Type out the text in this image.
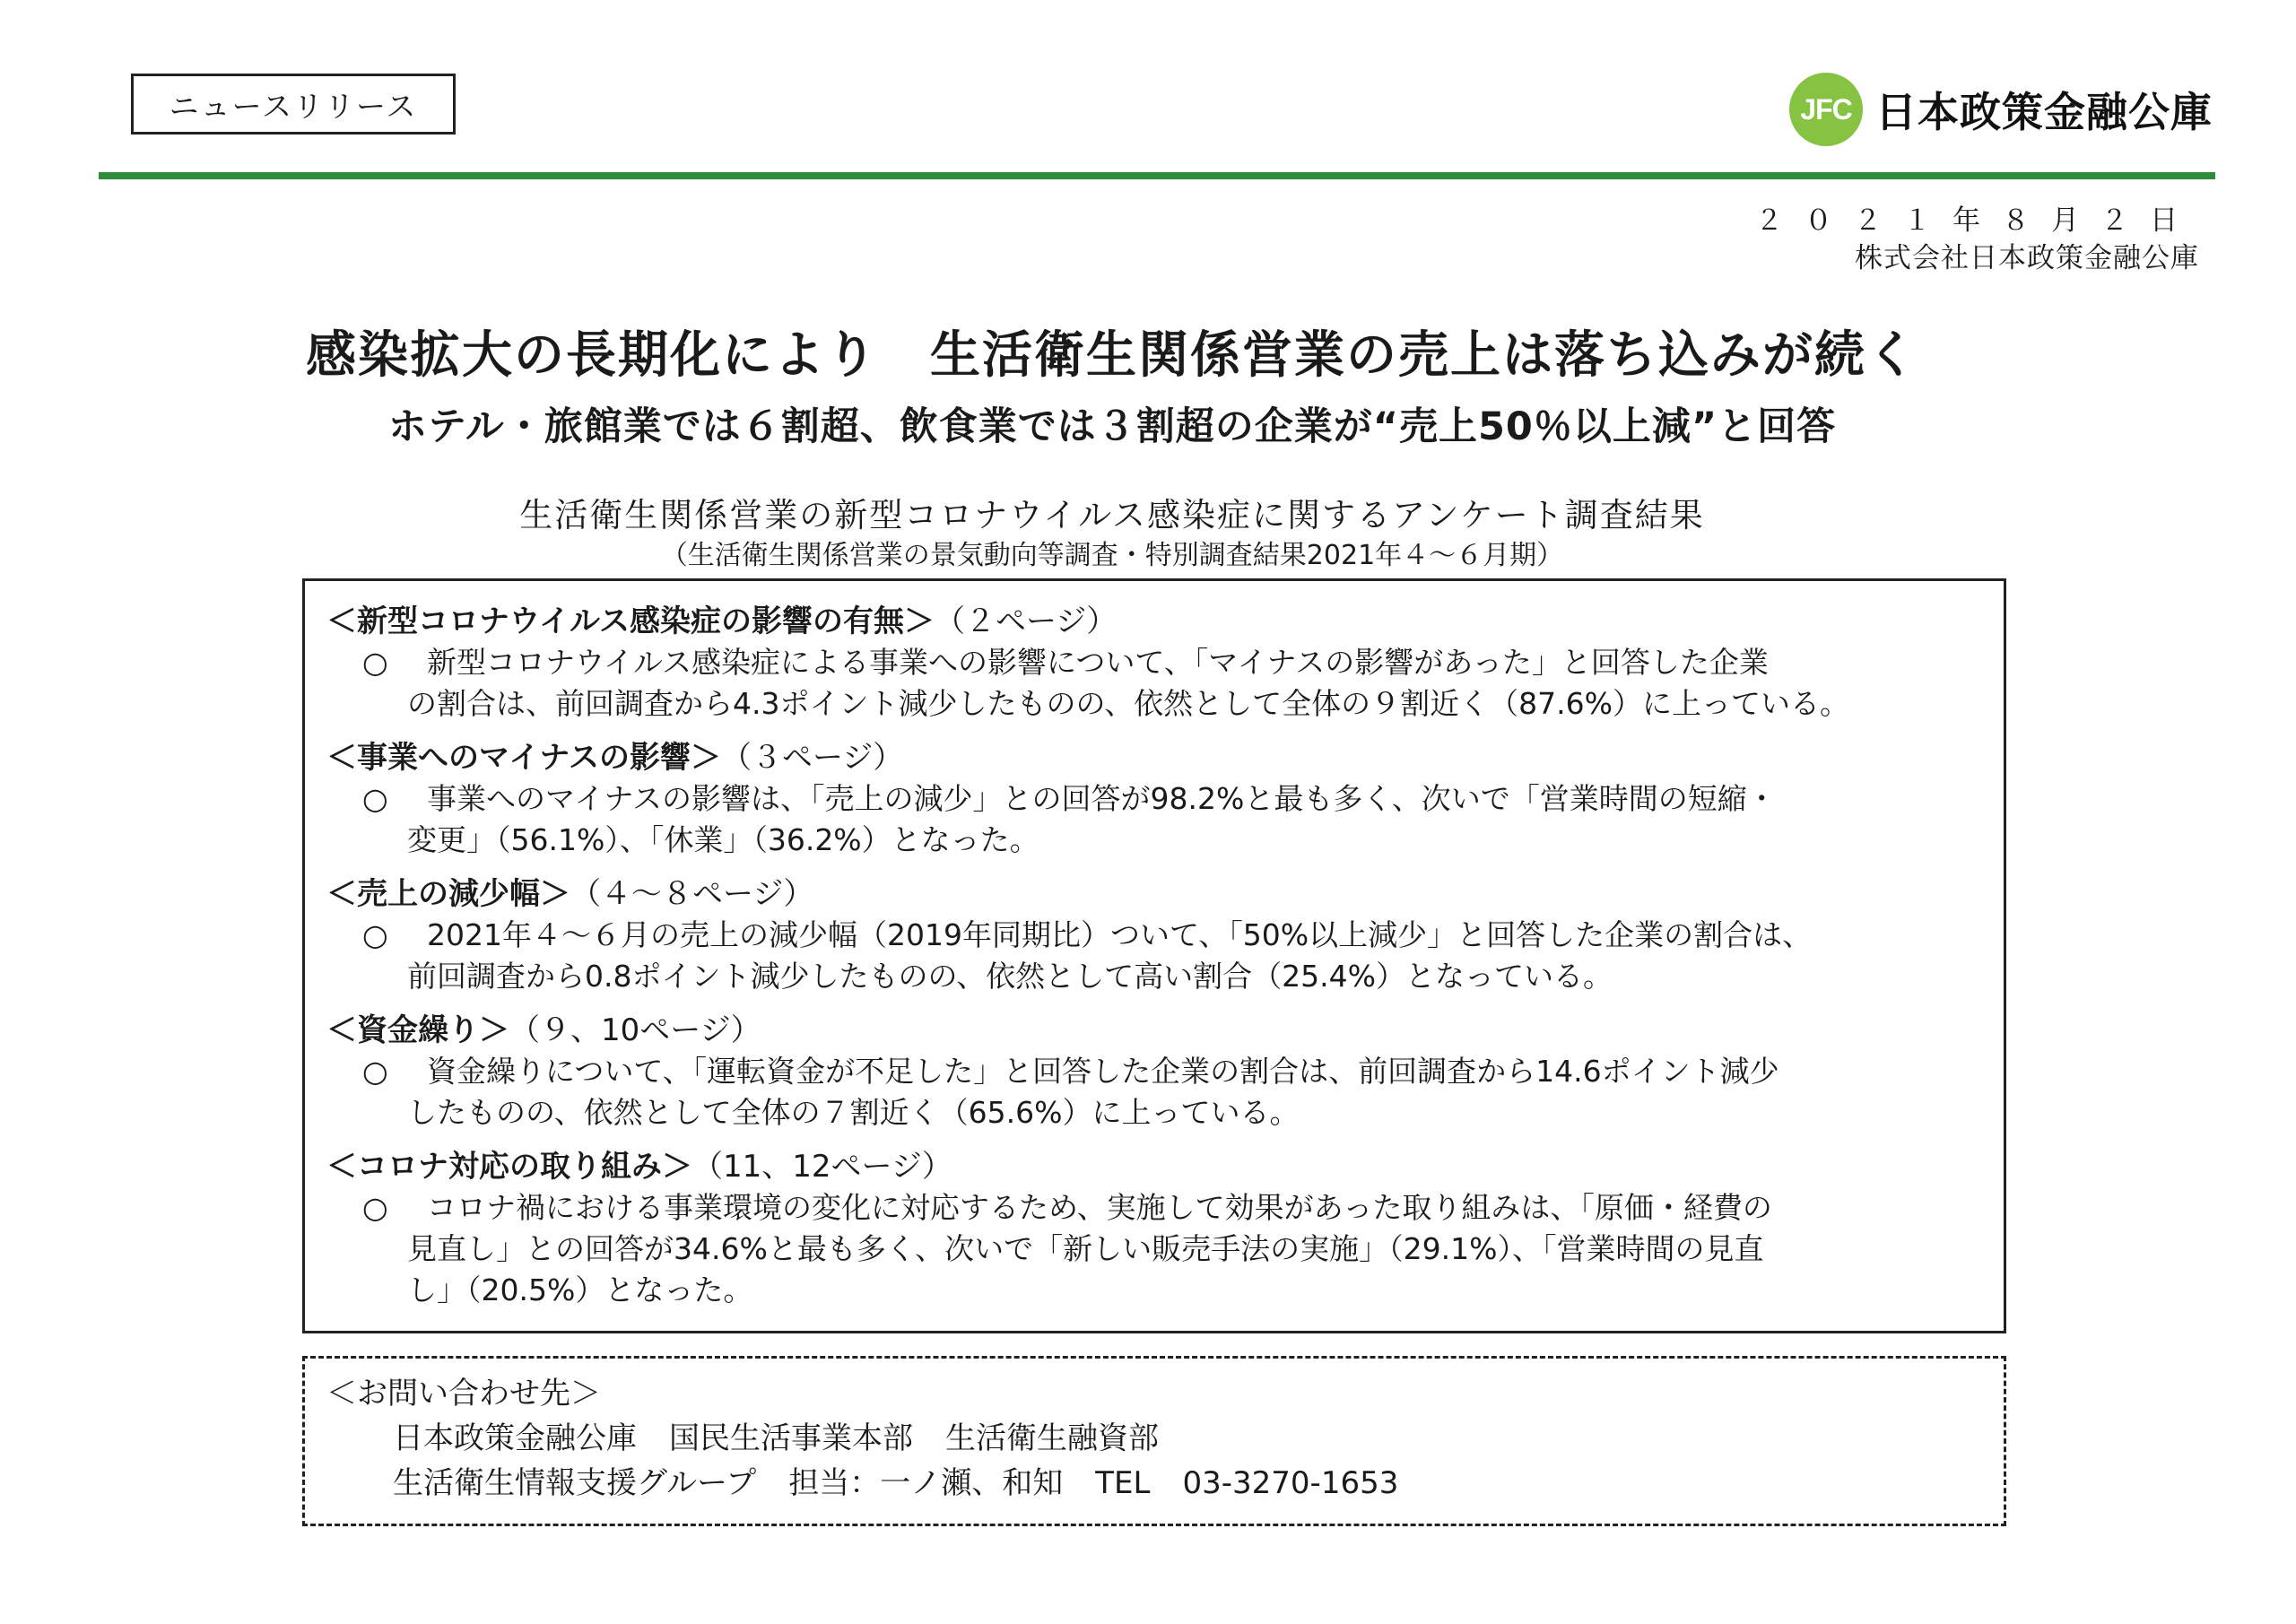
ニュースリリース	JFC 日本政策金融公庫
２０２１年８月２日
株式会社日本政策金融公庫
感染拡大の長期化により　生活衛生関係営業の売上は落ち込みが続く
ホテル・旅館業では６割超、飲食業では３割超の企業が“売上50％以上減”と回答
生活衛生関係営業の新型コロナウイルス感染症に関するアンケート調査結果
（生活衛生関係営業の景気動向等調査・特別調査結果2021年４～６月期）
＜新型コロナウイルス感染症の影響の有無＞（２ページ）
○ 新型コロナウイルス感染症による事業への影響について、「マイナスの影響があった」と回答した企業
の割合は、前回調査から4.3ポイント減少したものの、依然として全体の９割近く（87.6%）に上っている。
＜事業へのマイナスの影響＞（３ページ）
○ 事業へのマイナスの影響は、「売上の減少」との回答が98.2%と最も多く、次いで「営業時間の短縮・
変更」（56.1%）、「休業」（36.2%）となった。
＜売上の減少幅＞（４～８ページ）
○ 2021年４～６月の売上の減少幅（2019年同期比）ついて、「50%以上減少」と回答した企業の割合は、
前回調査から0.8ポイント減少したものの、依然として高い割合（25.4%）となっている。
＜資金繰り＞（９、10ページ）
○ 資金繰りについて、「運転資金が不足した」と回答した企業の割合は、前回調査から14.6ポイント減少
したものの、依然として全体の７割近く（65.6%）に上っている。
＜コロナ対応の取り組み＞（11、12ページ）
○ コロナ禍における事業環境の変化に対応するため、実施して効果があった取り組みは、「原価・経費の
見直し」との回答が34.6%と最も多く、次いで「新しい販売手法の実施」（29.1%）、「営業時間の見直
し」（20.5%）となった。
＜お問い合わせ先＞
日本政策金融公庫 国民生活事業本部 生活衛生融資部
生活衛生情報支援グループ 担当：一ノ瀬、和知 TEL 03-3270-1653
